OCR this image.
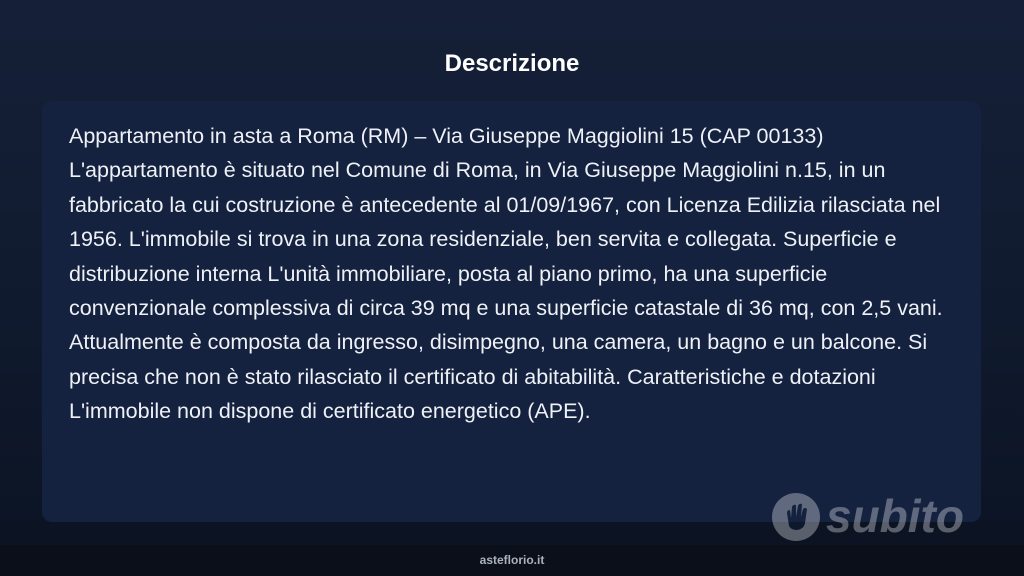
Descrizione

Appartamento in asta a Roma (RM) – Via Giuseppe Maggiolini 15 (CAP 00133) L'appartamento è situato nel Comune di Roma, in Via Giuseppe Maggiolini n.15, in un fabbricato la cui costruzione è antecedente al 01/09/1967, con Licenza Edilizia rilasciata nel 1956. L'immobile si trova in una zona residenziale, ben servita e collegata. Superficie e distribuzione interna L'unità immobiliare, posta al piano primo, ha una superficie convenzionale complessiva di circa 39 mq e una superficie catastale di 36 mq, con 2,5 vani. Attualmente è composta da ingresso, disimpegno, una camera, un bagno e un balcone. Si precisa che non è stato rilasciato il certificato di abitabilità. Caratteristiche e dotazioni L'immobile non dispone di certificato energetico (APE).

subito
asteflorio.it
